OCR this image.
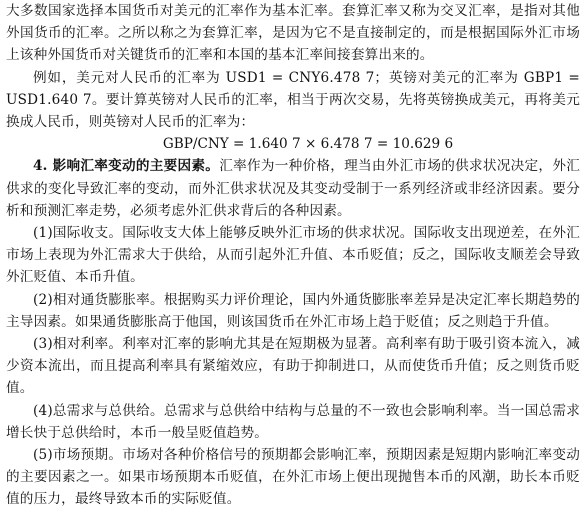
大多数国家选择本国货币对美元的汇率作为基本汇率。套算汇率又称为交叉汇率，是指对其他外国货币的汇率。之所以称之为套算汇率，是因为它不是直接制定的，而是根据国际外汇市场上该种外国货币对关键货币的汇率和本国的基本汇率间接套算出来的。

例如，美元对人民币的汇率为 USD1 = CNY6.478 7；英镑对美元的汇率为 GBP1 = USD1.640 7。要计算英镑对人民币的汇率，相当于两次交易，先将英镑换成美元，再将美元换成人民币，则英镑对人民币的汇率为：

GBP/CNY = 1.640 7 × 6.478 7 = 10.629 6

4. 影响汇率变动的主要因素。汇率作为一种价格，理当由外汇市场的供求状况决定，外汇供求的变化导致汇率的变动，而外汇供求状况及其变动受制于一系列经济或非经济因素。要分析和预测汇率走势，必须考虑外汇供求背后的各种因素。

(1)国际收支。国际收支大体上能够反映外汇市场的供求状况。国际收支出现逆差，在外汇市场上表现为外汇需求大于供给，从而引起外汇升值、本币贬值；反之，国际收支顺差会导致外汇贬值、本币升值。

(2)相对通货膨胀率。根据购买力评价理论，国内外通货膨胀率差异是决定汇率长期趋势的主导因素。如果通货膨胀高于他国，则该国货币在外汇市场上趋于贬值；反之则趋于升值。

(3)相对利率。利率对汇率的影响尤其是在短期极为显著。高利率有助于吸引资本流入，减少资本流出，而且提高利率具有紧缩效应，有助于抑制进口，从而使货币升值；反之则货币贬值。

(4)总需求与总供给。总需求与总供给中结构与总量的不一致也会影响利率。当一国总需求增长快于总供给时，本币一般呈贬值趋势。

(5)市场预期。市场对各种价格信号的预期都会影响汇率，预期因素是短期内影响汇率变动的主要因素之一。如果市场预期本币贬值，在外汇市场上便出现抛售本币的风潮，助长本币贬值的压力，最终导致本币的实际贬值。
